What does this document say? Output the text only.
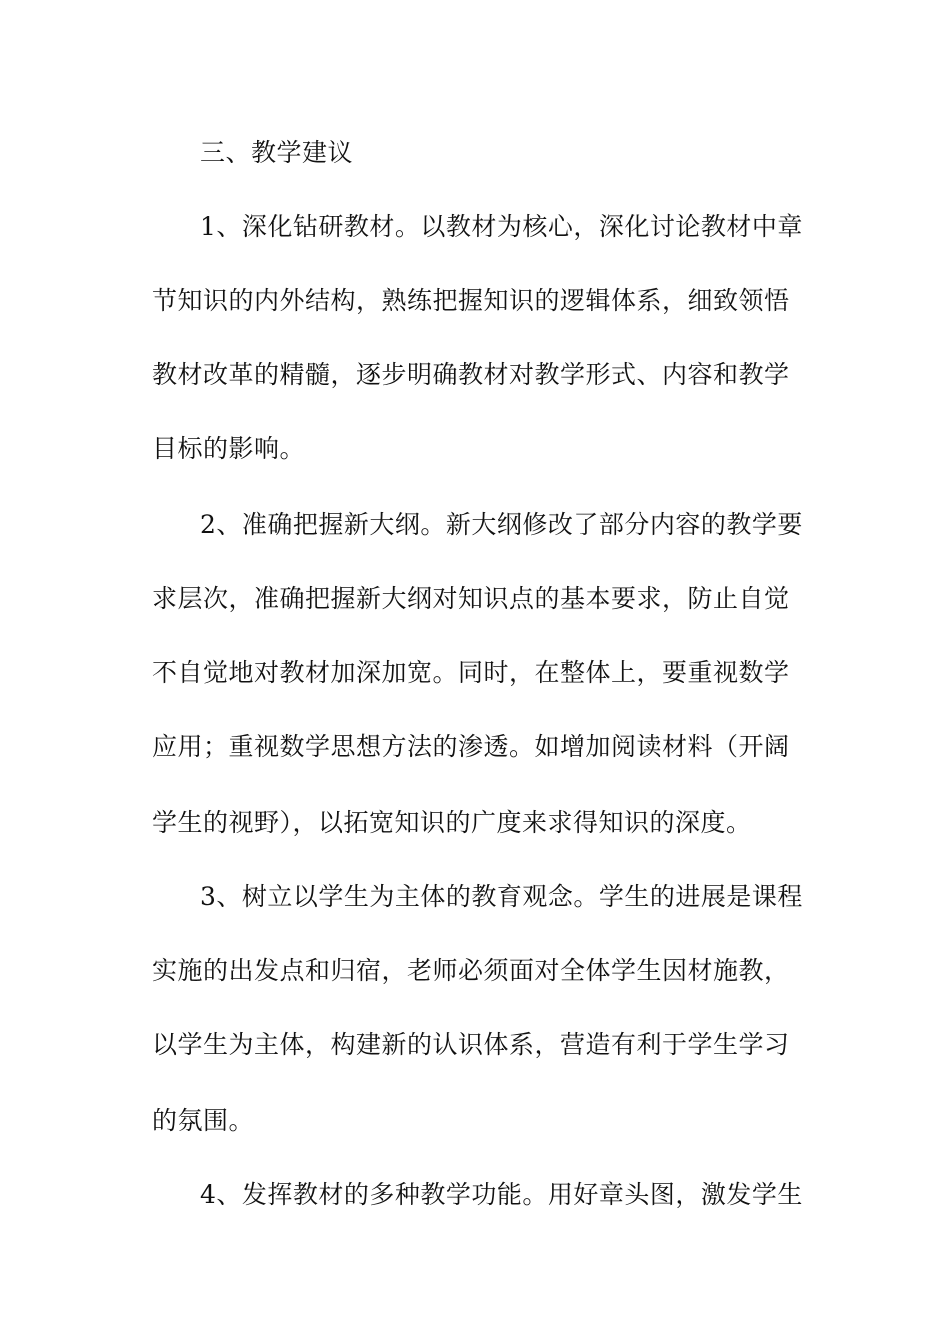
三、教学建议
1、深化钻研教材。以教材为核心，深化讨论教材中章
节知识的内外结构，熟练把握知识的逻辑体系，细致领悟
教材改革的精髓，逐步明确教材对教学形式、内容和教学
目标的影响。
2、准确把握新大纲。新大纲修改了部分内容的教学要
求层次，准确把握新大纲对知识点的基本要求，防止自觉
不自觉地对教材加深加宽。同时，在整体上，要重视数学
应用；重视数学思想方法的渗透。如增加阅读材料（开阔
学生的视野），以拓宽知识的广度来求得知识的深度。
3、树立以学生为主体的教育观念。学生的进展是课程
实施的出发点和归宿，老师必须面对全体学生因材施教，
以学生为主体，构建新的认识体系，营造有利于学生学习
的氛围。
4、发挥教材的多种教学功能。用好章头图，激发学生
